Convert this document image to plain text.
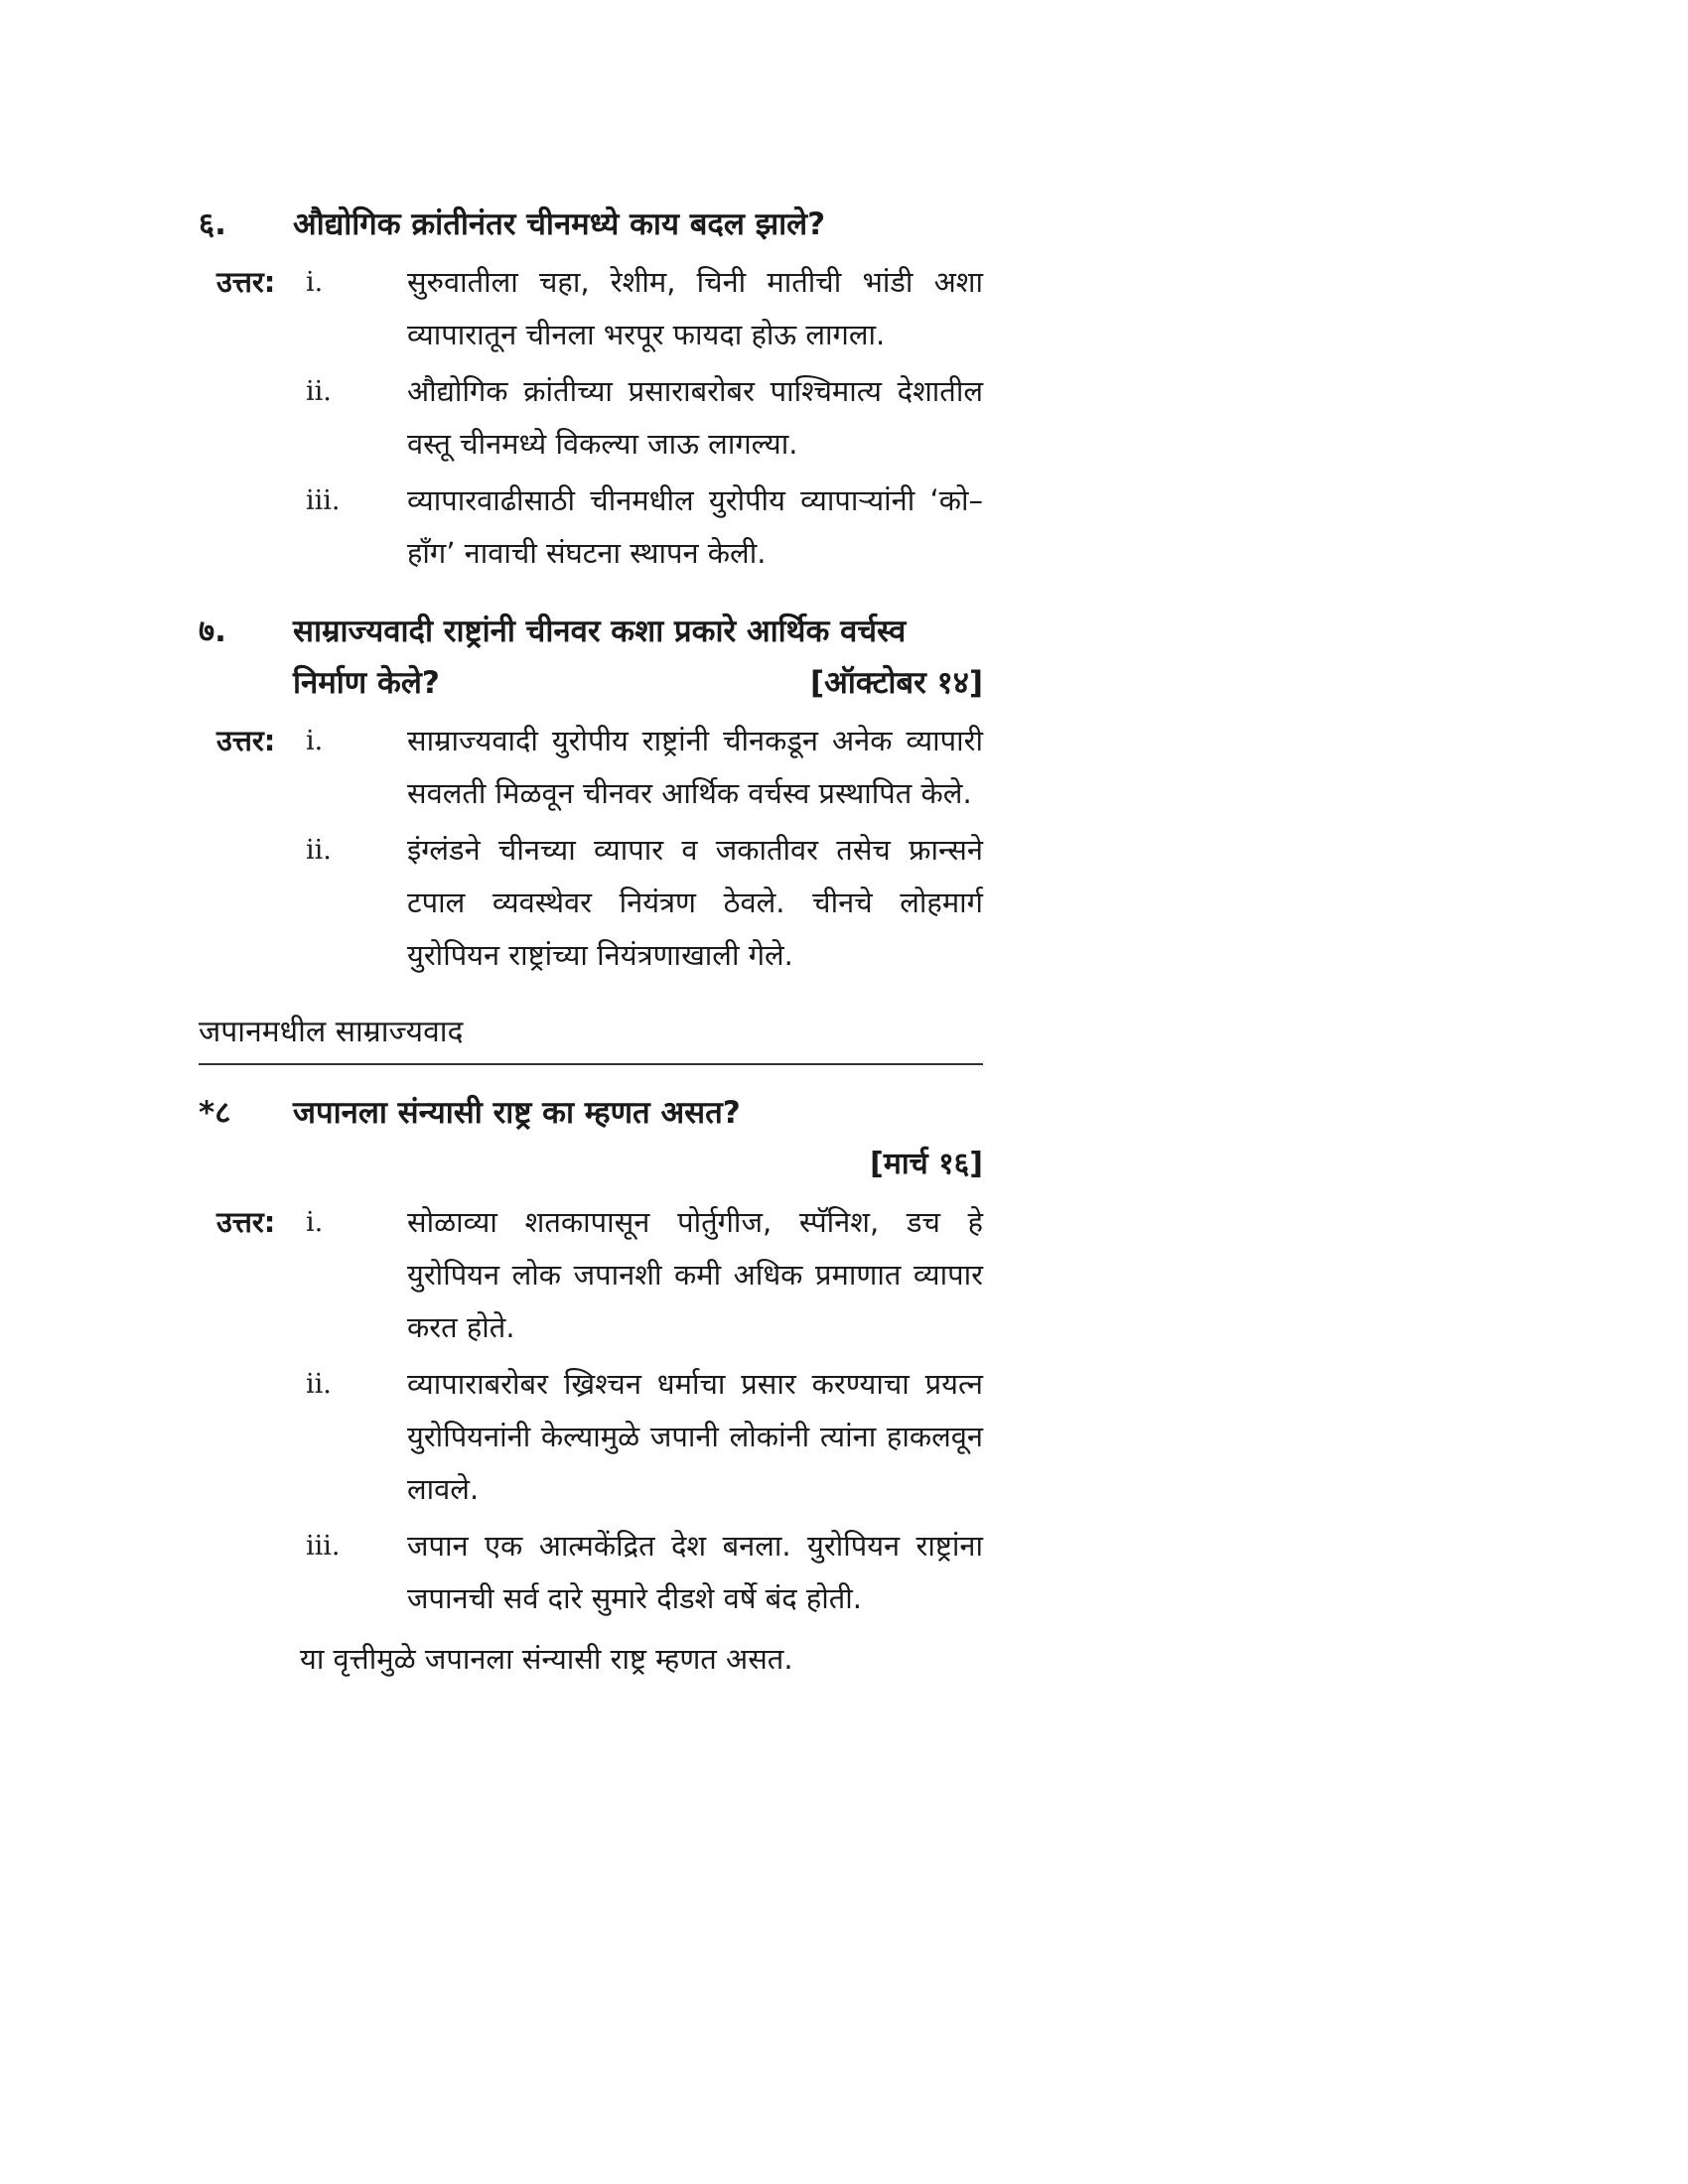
६.	औद्योगिक क्रांतीनंतर चीनमध्ये काय बदल झाले?
उत्तर:	i.	सुरुवातीला चहा, रेशीम, चिनी मातीची भांडी अशा व्यापारातून चीनला भरपूर फायदा होऊ लागला.
ii.	औद्योगिक क्रांतीच्या प्रसाराबरोबर पाश्चिमात्य देशातील वस्तू चीनमध्ये विकल्या जाऊ लागल्या.
iii.	व्यापारवाढीसाठी चीनमधील युरोपीय व्यापाऱ्यांनी ‘को–हाँग’ नावाची संघटना स्थापन केली.
७.	साम्राज्यवादी राष्ट्रांनी चीनवर कशा प्रकारे आर्थिक वर्चस्व निर्माण केले?	[ऑक्टोबर १४]
उत्तर:	i.	साम्राज्यवादी युरोपीय राष्ट्रांनी चीनकडून अनेक व्यापारी सवलती मिळवून चीनवर आर्थिक वर्चस्व प्रस्थापित केले.
ii.	इंग्लंडने चीनच्या व्यापार व जकातीवर तसेच फ्रान्सने टपाल व्यवस्थेवर नियंत्रण ठेवले. चीनचे लोहमार्ग युरोपियन राष्ट्रांच्या नियंत्रणाखाली गेले.
जपानमधील साम्राज्यवाद
*८	जपानला संन्यासी राष्ट्र का म्हणत असत?
[मार्च १६]
उत्तर:	i.	सोळाव्या शतकापासून पोर्तुगीज, स्पॅनिश, डच हे युरोपियन लोक जपानशी कमी अधिक प्रमाणात व्यापार करत होते.
ii.	व्यापाराबरोबर ख्रिश्चन धर्माचा प्रसार करण्याचा प्रयत्न युरोपियनांनी केल्यामुळे जपानी लोकांनी त्यांना हाकलवून लावले.
iii.	जपान एक आत्मकेंद्रित देश बनला. युरोपियन राष्ट्रांना जपानची सर्व दारे सुमारे दीडशे वर्षे बंद होती.
या वृत्तीमुळे जपानला संन्यासी राष्ट्र म्हणत असत.
